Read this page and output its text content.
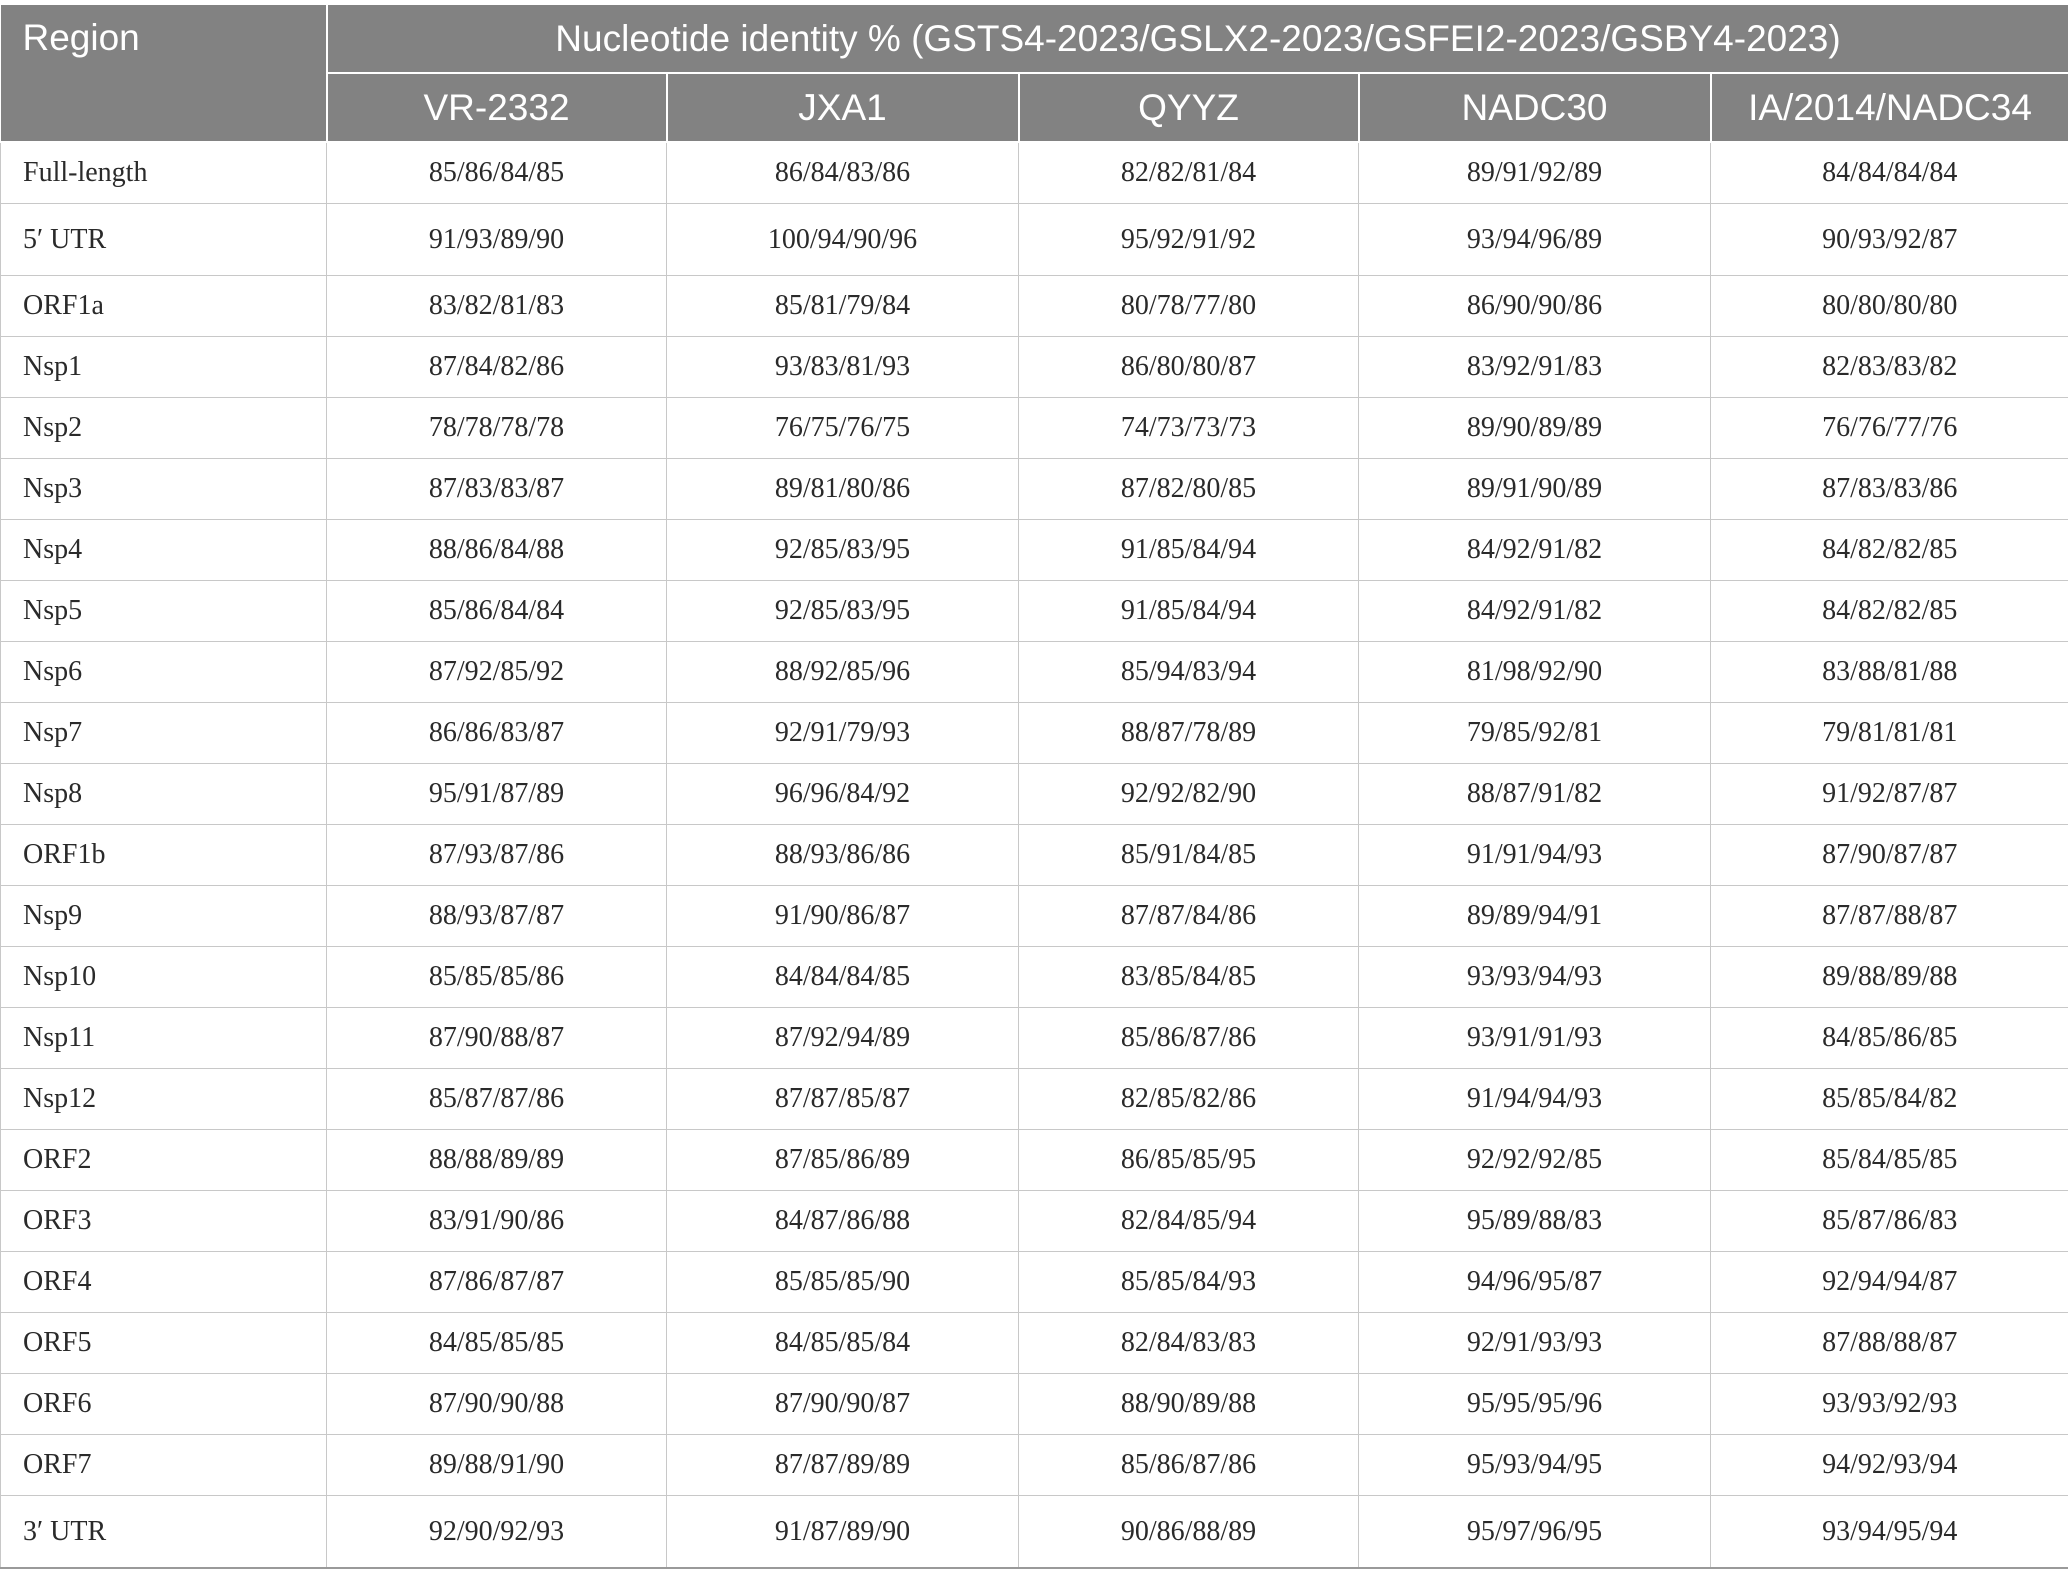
Region	Nucleotide identity % (GSTS4-2023/GSLX2-2023/GSFEI2-2023/GSBY4-2023)				
	VR-2332	JXA1	QYYZ	NADC30	IA/2014/NADC34
Full-length	85/86/84/85	86/84/83/86	82/82/81/84	89/91/92/89	84/84/84/84
5′ UTR	91/93/89/90	100/94/90/96	95/92/91/92	93/94/96/89	90/93/92/87
ORF1a	83/82/81/83	85/81/79/84	80/78/77/80	86/90/90/86	80/80/80/80
Nsp1	87/84/82/86	93/83/81/93	86/80/80/87	83/92/91/83	82/83/83/82
Nsp2	78/78/78/78	76/75/76/75	74/73/73/73	89/90/89/89	76/76/77/76
Nsp3	87/83/83/87	89/81/80/86	87/82/80/85	89/91/90/89	87/83/83/86
Nsp4	88/86/84/88	92/85/83/95	91/85/84/94	84/92/91/82	84/82/82/85
Nsp5	85/86/84/84	92/85/83/95	91/85/84/94	84/92/91/82	84/82/82/85
Nsp6	87/92/85/92	88/92/85/96	85/94/83/94	81/98/92/90	83/88/81/88
Nsp7	86/86/83/87	92/91/79/93	88/87/78/89	79/85/92/81	79/81/81/81
Nsp8	95/91/87/89	96/96/84/92	92/92/82/90	88/87/91/82	91/92/87/87
ORF1b	87/93/87/86	88/93/86/86	85/91/84/85	91/91/94/93	87/90/87/87
Nsp9	88/93/87/87	91/90/86/87	87/87/84/86	89/89/94/91	87/87/88/87
Nsp10	85/85/85/86	84/84/84/85	83/85/84/85	93/93/94/93	89/88/89/88
Nsp11	87/90/88/87	87/92/94/89	85/86/87/86	93/91/91/93	84/85/86/85
Nsp12	85/87/87/86	87/87/85/87	82/85/82/86	91/94/94/93	85/85/84/82
ORF2	88/88/89/89	87/85/86/89	86/85/85/95	92/92/92/85	85/84/85/85
ORF3	83/91/90/86	84/87/86/88	82/84/85/94	95/89/88/83	85/87/86/83
ORF4	87/86/87/87	85/85/85/90	85/85/84/93	94/96/95/87	92/94/94/87
ORF5	84/85/85/85	84/85/85/84	82/84/83/83	92/91/93/93	87/88/88/87
ORF6	87/90/90/88	87/90/90/87	88/90/89/88	95/95/95/96	93/93/92/93
ORF7	89/88/91/90	87/87/89/89	85/86/87/86	95/93/94/95	94/92/93/94
3′ UTR	92/90/92/93	91/87/89/90	90/86/88/89	95/97/96/95	93/94/95/94
